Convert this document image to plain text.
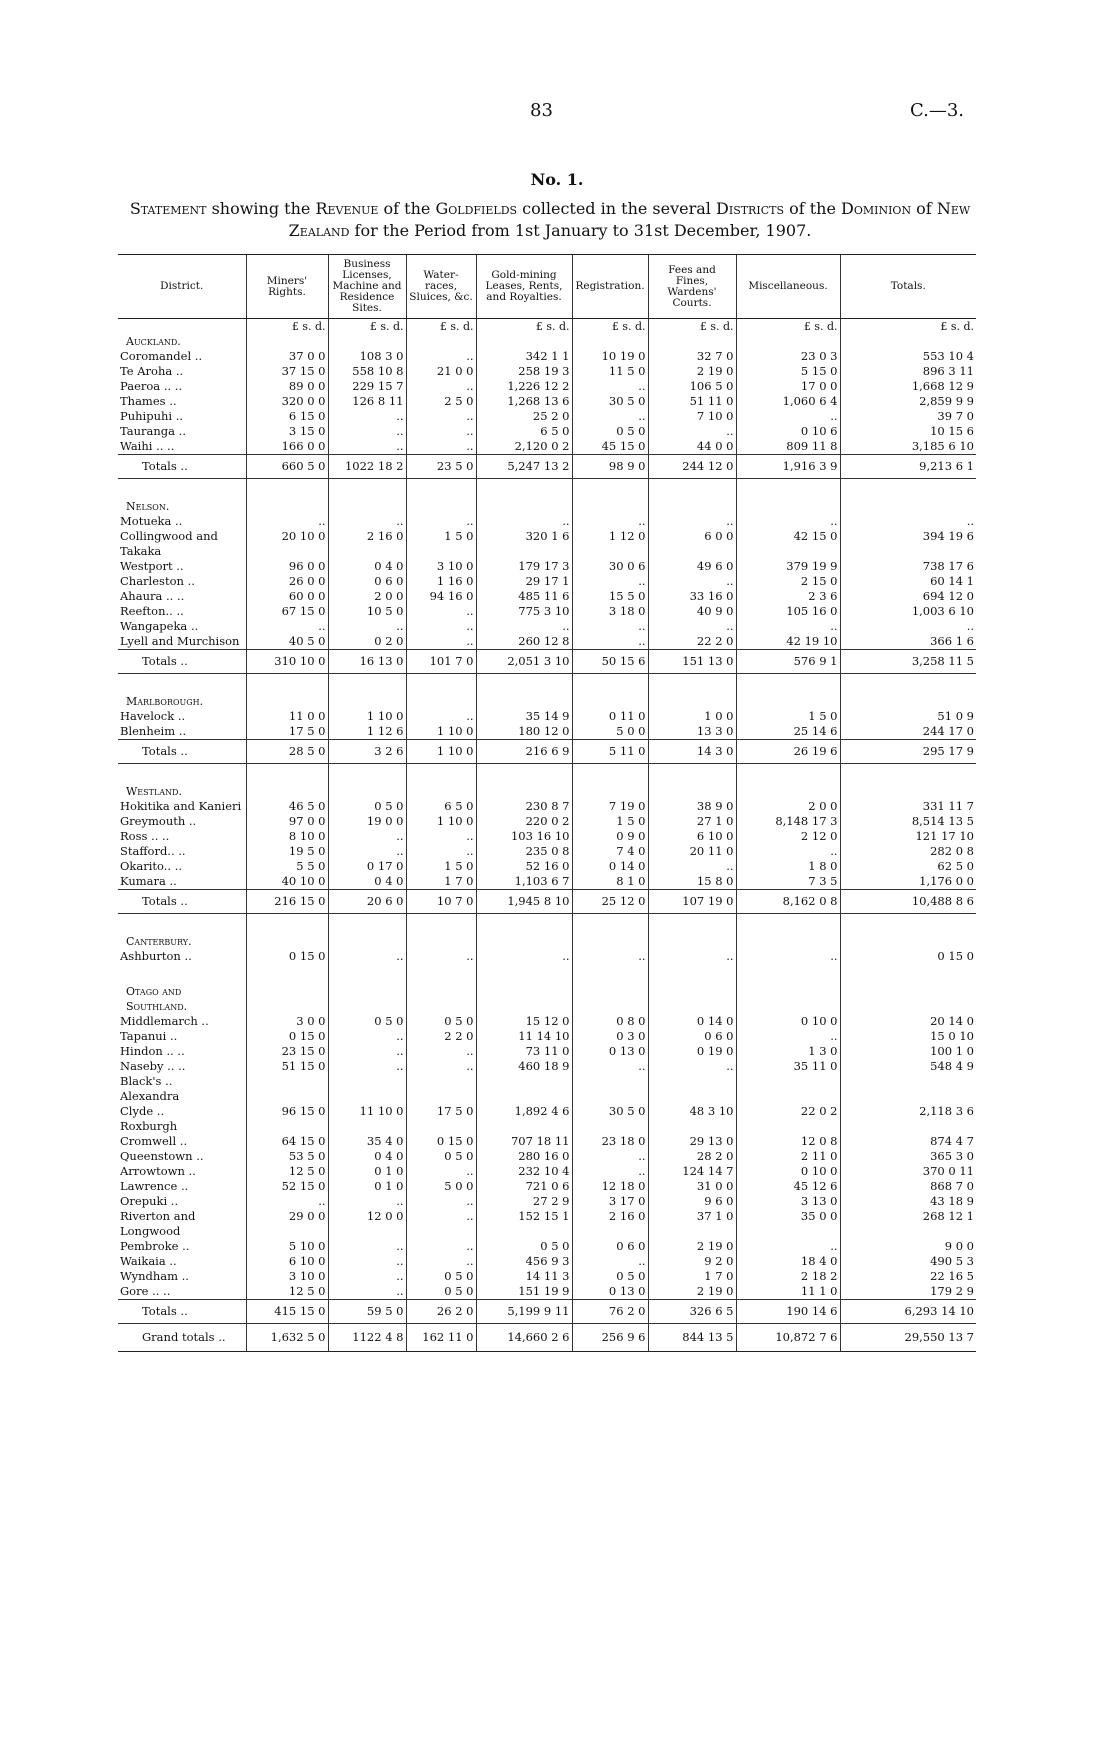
83	C.—3.
No. 1.
Statement showing the Revenue of the Goldfields collected in the several Districts of the Dominion of New Zealand for the Period from 1st January to 31st December, 1907.
District.	Miners' Rights.	Business Licenses, Machine and Residence Sites.	Water-races, Sluices, &c.	Gold-mining Leases, Rents, and Royalties.	Registration.	Fees and Fines, Wardens' Courts.	Miscellaneous.	Totals.
	£ s. d.	£ s. d.	£ s. d.	£ s. d.	£ s. d.	£ s. d.	£ s. d.	£ s. d.
Auckland.								
Coromandel ..	37 0 0	108 3 0	..	342 1 1	10 19 0	32 7 0	23 0 3	553 10 4
Te Aroha ..	37 15 0	558 10 8	21 0 0	258 19 3	11 5 0	2 19 0	5 15 0	896 3 11
Paeroa .. ..	89 0 0	229 15 7	..	1,226 12 2	..	106 5 0	17 0 0	1,668 12 9
Thames ..	320 0 0	126 8 11	2 5 0	1,268 13 6	30 5 0	51 11 0	1,060 6 4	2,859 9 9
Puhipuhi ..	6 15 0	..	..	25 2 0	..	7 10 0	..	39 7 0
Tauranga ..	3 15 0	..	..	6 5 0	0 5 0	..	0 10 6	10 15 6
Waihi .. ..	166 0 0	..	..	2,120 0 2	45 15 0	44 0 0	809 11 8	3,185 6 10
Totals ..	660 5 0	1022 18 2	23 5 0	5,247 13 2	98 9 0	244 12 0	1,916 3 9	9,213 6 1

Nelson.								
Motueka ..	..	..	..	..	..	..	..	..
Collingwood and Takaka	20 10 0	2 16 0	1 5 0	320 1 6	1 12 0	6 0 0	42 15 0	394 19 6
Westport ..	96 0 0	0 4 0	3 10 0	179 17 3	30 0 6	49 6 0	379 19 9	738 17 6
Charleston ..	26 0 0	0 6 0	1 16 0	29 17 1	..	..	2 15 0	60 14 1
Ahaura .. ..	60 0 0	2 0 0	94 16 0	485 11 6	15 5 0	33 16 0	2 3 6	694 12 0
Reefton.. ..	67 15 0	10 5 0	..	775 3 10	3 18 0	40 9 0	105 16 0	1,003 6 10
Wangapeka ..	..	..	..	..	..	..	..	..
Lyell and Murchison	40 5 0	0 2 0	..	260 12 8	..	22 2 0	42 19 10	366 1 6
Totals ..	310 10 0	16 13 0	101 7 0	2,051 3 10	50 15 6	151 13 0	576 9 1	3,258 11 5

Marlborough.								
Havelock ..	11 0 0	1 10 0	..	35 14 9	0 11 0	1 0 0	1 5 0	51 0 9
Blenheim ..	17 5 0	1 12 6	1 10 0	180 12 0	5 0 0	13 3 0	25 14 6	244 17 0
Totals ..	28 5 0	3 2 6	1 10 0	216 6 9	5 11 0	14 3 0	26 19 6	295 17 9

Westland.								
Hokitika and Kanieri	46 5 0	0 5 0	6 5 0	230 8 7	7 19 0	38 9 0	2 0 0	331 11 7
Greymouth ..	97 0 0	19 0 0	1 10 0	220 0 2	1 5 0	27 1 0	8,148 17 3	8,514 13 5
Ross .. ..	8 10 0	..	..	103 16 10	0 9 0	6 10 0	2 12 0	121 17 10
Stafford.. ..	19 5 0	..	..	235 0 8	7 4 0	20 11 0	..	282 0 8
Okarito.. ..	5 5 0	0 17 0	1 5 0	52 16 0	0 14 0	..	1 8 0	62 5 0
Kumara ..	40 10 0	0 4 0	1 7 0	1,103 6 7	8 1 0	15 8 0	7 3 5	1,176 0 0
Totals ..	216 15 0	20 6 0	10 7 0	1,945 8 10	25 12 0	107 19 0	8,162 0 8	10,488 8 6

Canterbury.								
Ashburton ..	0 15 0	..	..	..	..	..	..	0 15 0

Otago and Southland.								
Middlemarch ..	3 0 0	0 5 0	0 5 0	15 12 0	0 8 0	0 14 0	0 10 0	20 14 0
Tapanui ..	0 15 0	..	2 2 0	11 14 10	0 3 0	0 6 0	..	15 0 10
Hindon .. ..	23 15 0	..	..	73 11 0	0 13 0	0 19 0	1 3 0	100 1 0
Naseby .. ..	51 15 0	..	..	460 18 9	..	..	35 11 0	548 4 9
Black's ..								
Alexandra								
Clyde ..	96 15 0	11 10 0	17 5 0	1,892 4 6	30 5 0	48 3 10	22 0 2	2,118 3 6
Roxburgh								
Cromwell ..	64 15 0	35 4 0	0 15 0	707 18 11	23 18 0	29 13 0	12 0 8	874 4 7
Queenstown ..	53 5 0	0 4 0	0 5 0	280 16 0	..	28 2 0	2 11 0	365 3 0
Arrowtown ..	12 5 0	0 1 0	..	232 10 4	..	124 14 7	0 10 0	370 0 11
Lawrence ..	52 15 0	0 1 0	5 0 0	721 0 6	12 18 0	31 0 0	45 12 6	868 7 0
Orepuki ..	..	..	..	27 2 9	3 17 0	9 6 0	3 13 0	43 18 9
Riverton and Longwood	29 0 0	12 0 0	..	152 15 1	2 16 0	37 1 0	35 0 0	268 12 1
Pembroke ..	5 10 0	..	..	0 5 0	0 6 0	2 19 0	..	9 0 0
Waikaia ..	6 10 0	..	..	456 9 3	..	9 2 0	18 4 0	490 5 3
Wyndham ..	3 10 0	..	0 5 0	14 11 3	0 5 0	1 7 0	2 18 2	22 16 5
Gore .. ..	12 5 0	..	0 5 0	151 19 9	0 13 0	2 19 0	11 1 0	179 2 9
Totals ..	415 15 0	59 5 0	26 2 0	5,199 9 11	76 2 0	326 6 5	190 14 6	6,293 14 10
Grand totals ..	1,632 5 0	1122 4 8	162 11 0	14,660 2 6	256 9 6	844 13 5	10,872 7 6	29,550 13 7
